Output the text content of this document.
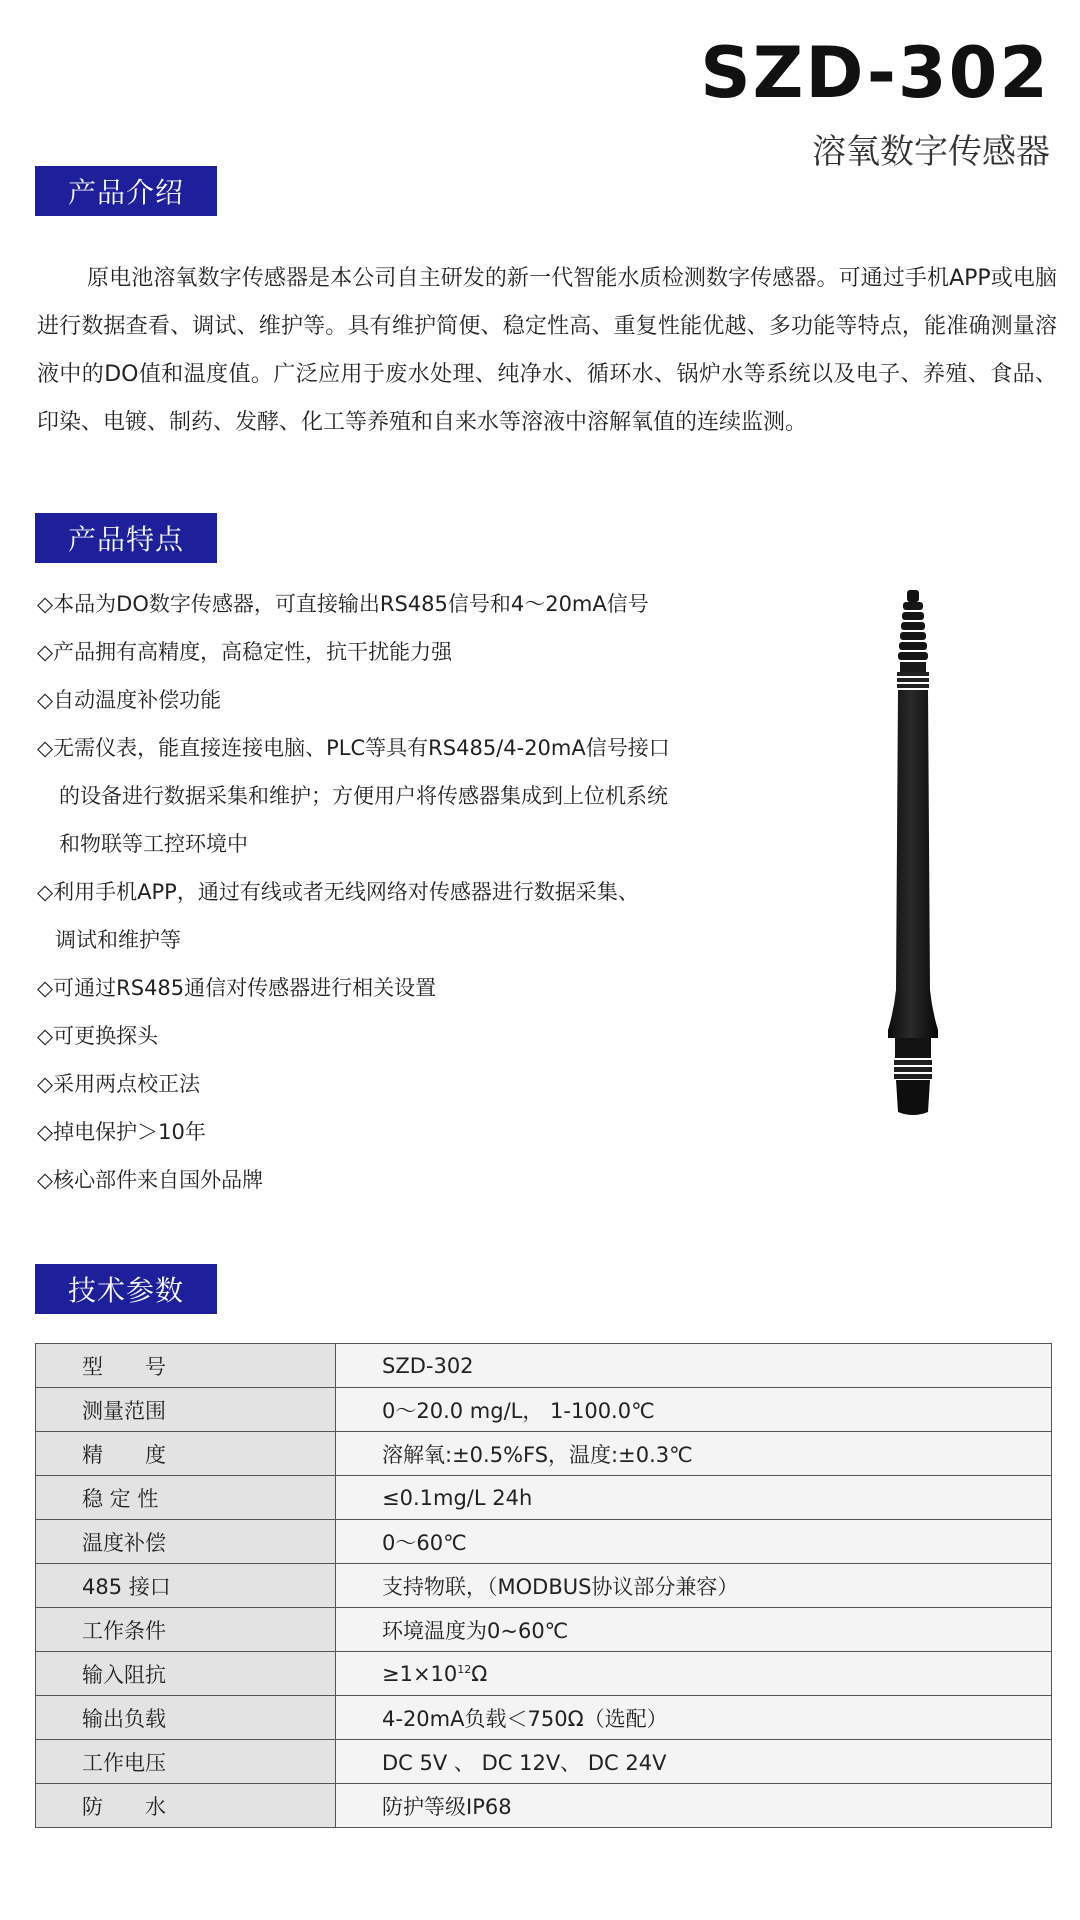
SZD-302
溶氧数字传感器
产品介绍

原电池溶氧数字传感器是本公司自主研发的新一代智能水质检测数字传感器。可通过手机APP或电脑进行数据查看、调试、维护等。具有维护简便、稳定性高、重复性能优越、多功能等特点，能准确测量溶液中的DO值和温度值。广泛应用于废水处理、纯净水、循环水、锅炉水等系统以及电子、养殖、食品、印染、电镀、制药、发酵、化工等养殖和自来水等溶液中溶解氧值的连续监测。

产品特点
◇本品为DO数字传感器，可直接输出RS485信号和4～20mA信号
◇产品拥有高精度，高稳定性，抗干扰能力强
◇自动温度补偿功能
◇无需仪表，能直接连接电脑、PLC等具有RS485/4-20mA信号接口
的设备进行数据采集和维护；方便用户将传感器集成到上位机系统
和物联等工控环境中
◇利用手机APP，通过有线或者无线网络对传感器进行数据采集、
调试和维护等
◇可通过RS485通信对传感器进行相关设置
◇可更换探头
◇采用两点校正法
◇掉电保护＞10年
◇核心部件来自国外品牌
技术参数
型　　号	SZD-302
测量范围	0～20.0 mg/L， 1-100.0℃
精　　度	溶解氧:±0.5%FS，温度:±0.3℃
稳 定 性	≤0.1mg/L 24h
温度补偿	0～60℃
485 接口	支持物联，（MODBUS协议部分兼容）
工作条件	环境温度为0~60℃
输入阻抗	$\ge 1\times 10^{12}\Omega$
输出负载	4-20mA负载＜750Ω（选配）
工作电压	DC 5V 、 DC 12V、 DC 24V
防　　水	防护等级IP68
